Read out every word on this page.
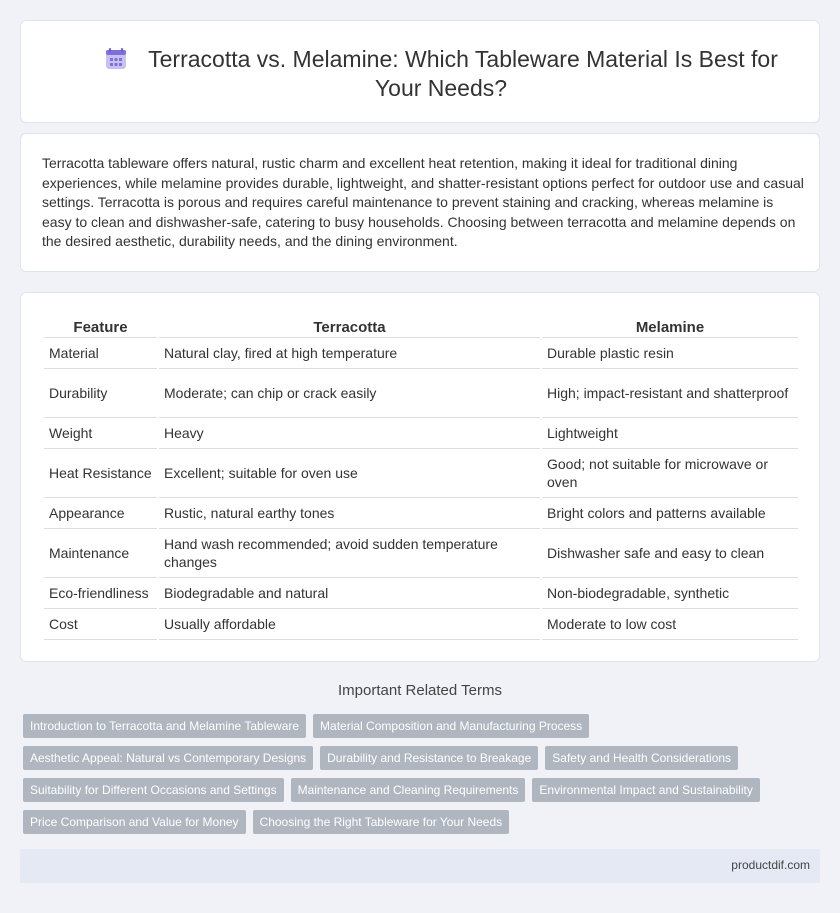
Terracotta vs. Melamine: Which Tableware Material Is Best for Your Needs?

Terracotta tableware offers natural, rustic charm and excellent heat retention, making it ideal for traditional dining experiences, while melamine provides durable, lightweight, and shatter-resistant options perfect for outdoor use and casual settings. Terracotta is porous and requires careful maintenance to prevent staining and cracking, whereas melamine is easy to clean and dishwasher-safe, catering to busy households. Choosing between terracotta and melamine depends on the desired aesthetic, durability needs, and the dining environment.

Feature	Terracotta	Melamine
Material	Natural clay, fired at high temperature	Durable plastic resin
Durability	Moderate; can chip or crack easily	High; impact-resistant and shatterproof
Weight	Heavy	Lightweight
Heat Resistance	Excellent; suitable for oven use	Good; not suitable for microwave or oven
Appearance	Rustic, natural earthy tones	Bright colors and patterns available
Maintenance	Hand wash recommended; avoid sudden temperature changes	Dishwasher safe and easy to clean
Eco-friendliness	Biodegradable and natural	Non-biodegradable, synthetic
Cost	Usually affordable	Moderate to low cost
Important Related Terms
Introduction to Terracotta and Melamine Tableware	Material Composition and Manufacturing Process
Aesthetic Appeal: Natural vs Contemporary Designs	Durability and Resistance to Breakage	Safety and Health Considerations
Suitability for Different Occasions and Settings	Maintenance and Cleaning Requirements	Environmental Impact and Sustainability
Price Comparison and Value for Money	Choosing the Right Tableware for Your Needs
productdif.com
